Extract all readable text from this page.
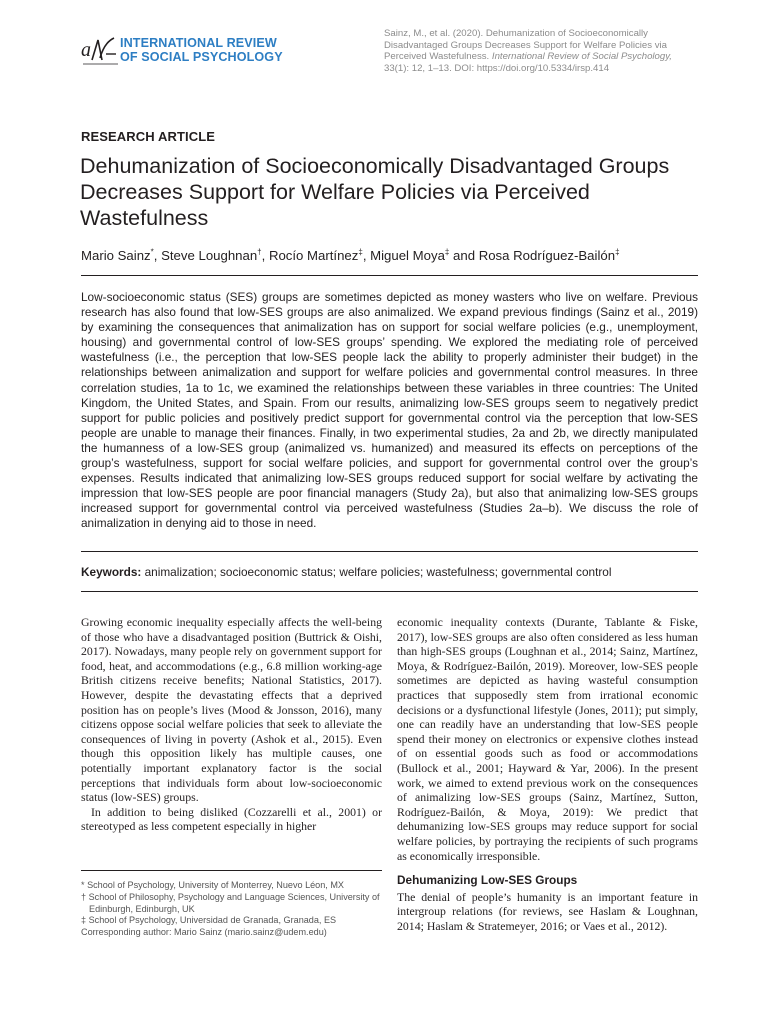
a INTERNATIONAL REVIEW
OF SOCIAL PSYCHOLOGY
Sainz, M., et al. (2020). Dehumanization of Socioeconomically Disadvantaged Groups Decreases Support for Welfare Policies via Perceived Wastefulness. International Review of Social Psychology, 33(1): 12, 1–13. DOI: https://doi.org/10.5334/irsp.414
RESEARCH ARTICLE
Dehumanization of Socioeconomically Disadvantaged Groups Decreases Support for Welfare Policies via Perceived Wastefulness
Mario Sainz*, Steve Loughnan†, Rocío Martínez‡, Miguel Moya‡ and Rosa Rodríguez-Bailón‡
Low-socioeconomic status (SES) groups are sometimes depicted as money wasters who live on welfare. Previous research has also found that low-SES groups are also animalized. We expand previous findings (Sainz et al., 2019) by examining the consequences that animalization has on support for social welfare policies (e.g., unemployment, housing) and governmental control of low-SES groups’ spending. We explored the mediating role of perceived wastefulness (i.e., the perception that low-SES people lack the ability to properly administer their budget) in the relationships between animalization and support for welfare policies and governmental control measures. In three correlation studies, 1a to 1c, we examined the relationships between these variables in three countries: The United Kingdom, the United States, and Spain. From our results, animalizing low-SES groups seem to negatively predict support for public policies and positively predict support for governmental control via the perception that low-SES people are unable to manage their finances. Finally, in two experimental studies, 2a and 2b, we directly manipulated the humanness of a low-SES group (animalized vs. humanized) and measured its effects on perceptions of the group’s wastefulness, support for social welfare policies, and support for governmental control over the group’s expenses. Results indicated that animalizing low-SES groups reduced support for social welfare by activating the impression that low-SES people are poor financial managers (Study 2a), but also that animalizing low-SES groups increased support for governmental control via perceived wastefulness (Studies 2a–b). We discuss the role of animalization in denying aid to those in need.
Keywords: animalization; socioeconomic status; welfare policies; wastefulness; governmental control

Growing economic inequality especially affects the well-being of those who have a disadvantaged position (Buttrick & Oishi, 2017). Nowadays, many people rely on government support for food, heat, and accommodations (e.g., 6.8 million working-age British citizens receive benefits; National Statistics, 2017). However, despite the devastating effects that a deprived position has on people’s lives (Mood & Jonsson, 2016), many citizens oppose social welfare policies that seek to alleviate the consequences of living in poverty (Ashok et al., 2015). Even though this opposition likely has multiple causes, one potentially important explanatory factor is the social perceptions that individuals form about low-socioeconomic status (low-SES) groups.

In addition to being disliked (Cozzarelli et al., 2001) or stereotyped as less competent especially in higher

economic inequality contexts (Durante, Tablante & Fiske, 2017), low-SES groups are also often considered as less human than high-SES groups (Loughnan et al., 2014; Sainz, Martínez, Moya, & Rodríguez-Bailón, 2019). Moreover, low-SES people sometimes are depicted as having wasteful consumption practices that supposedly stem from irrational economic decisions or a dysfunctional lifestyle (Jones, 2011); put simply, one can readily have an understanding that low-SES people spend their money on electronics or expensive clothes instead of on essential goods such as food or accommodations (Bullock et al., 2001; Hayward & Yar, 2006). In the present work, we aimed to extend previous work on the consequences of animalizing low-SES groups (Sainz, Martínez, Sutton, Rodríguez-Bailón, & Moya, 2019): We predict that dehumanizing low-SES groups may reduce support for social welfare policies, by portraying the recipients of such programs as economically irresponsible.

Dehumanizing Low-SES Groups

The denial of people’s humanity is an important feature in intergroup relations (for reviews, see Haslam & Loughnan, 2014; Haslam & Stratemeyer, 2016; or Vaes et al., 2012).

* School of Psychology, University of Monterrey, Nuevo Léon, MX
† School of Philosophy, Psychology and Language Sciences, University of Edinburgh, Edinburgh, UK
‡ School of Psychology, Universidad de Granada, Granada, ES
Corresponding author: Mario Sainz (mario.sainz@udem.edu)
